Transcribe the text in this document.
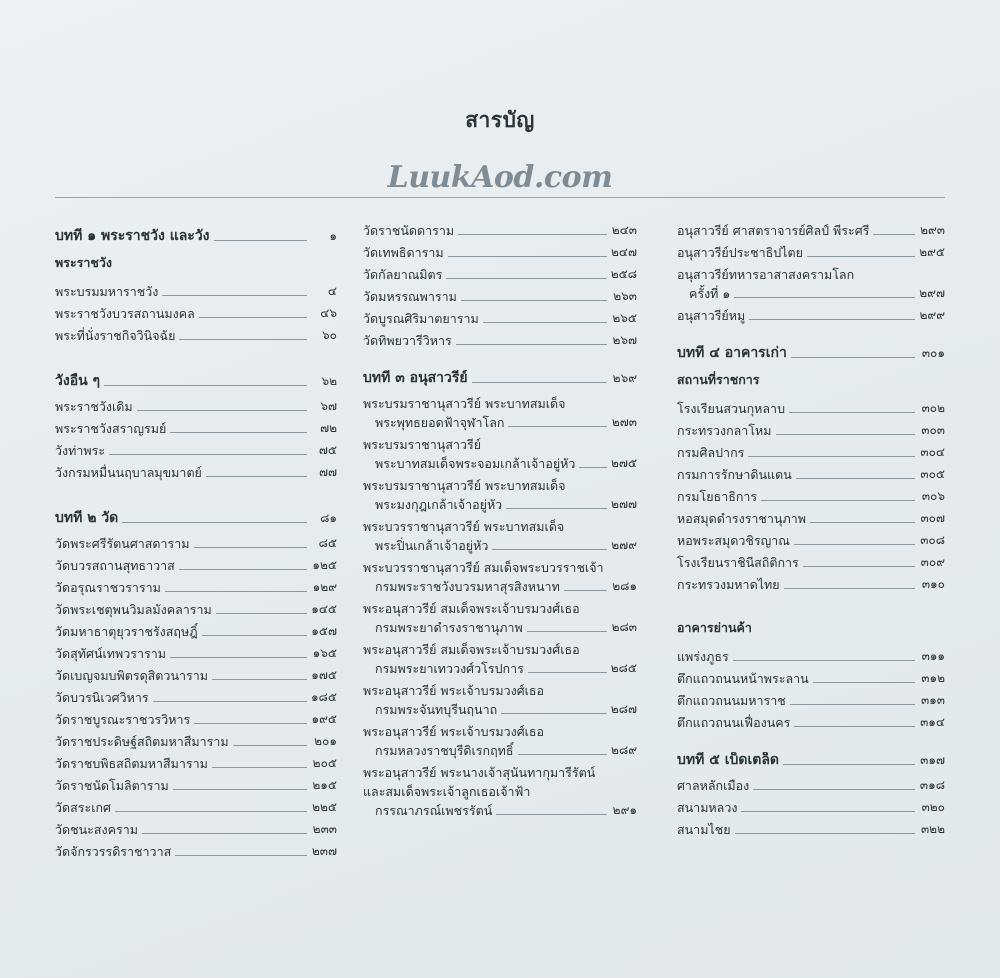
สารบัญ
LuukAod.com
บทที่ ๑ พระราชวัง และวัง	๑
พระราชวัง
พระบรมมหาราชวัง	๔
พระราชวังบวรสถานมงคล	๔๖
พระที่นั่งราชกิจวินิจฉัย	๖๐
วังอื่น ๆ	๖๒
พระราชวังเดิม	๖๗
พระราชวังสราญรมย์	๗๒
วังท่าพระ	๗๕
วังกรมหมื่นนฤบาลมุขมาตย์	๗๗
บทที่ ๒ วัด	๘๑
วัดพระศรีรัตนศาสดาราม	๘๕
วัดบวรสถานสุทธาวาส	๑๒๕
วัดอรุณราชวราราม	๑๒๙
วัดพระเชตุพนวิมลมังคลาราม	๑๔๕
วัดมหาธาตุยุวราชรังสฤษฎิ์	๑๕๗
วัดสุทัศน์เทพวราราม	๑๖๕
วัดเบญจมบพิตรดุสิตวนาราม	๑๗๕
วัดบวรนิเวศวิหาร	๑๘๕
วัดราชบูรณะราชวรวิหาร	๑๙๕
วัดราชประดิษฐ์สถิตมหาสีมาราม	๒๐๑
วัดราชบพิธสถิตมหาสีมาราม	๒๐๕
วัดราชนัดโมลิตาราม	๒๑๕
วัดสระเกศ	๒๒๕
วัดชนะสงคราม	๒๓๓
วัดจักรวรรดิราชาวาส	๒๓๗
วัดราชนัดดาราม	๒๔๓
วัดเทพธิดาราม	๒๔๗
วัดกัลยาณมิตร	๒๕๘
วัดมหรรณพาราม	๒๖๓
วัดบูรณศิริมาตยาราม	๒๖๕
วัดทิพยวารีวิหาร	๒๖๗
บทที่ ๓ อนุสาวรีย์	๒๖๙
พระบรมราชานุสาวรีย์ พระบาทสมเด็จ
พระพุทธยอดฟ้าจุฬาโลก	๒๗๓
พระบรมราชานุสาวรีย์
พระบาทสมเด็จพระจอมเกล้าเจ้าอยู่หัว	๒๗๕
พระบรมราชานุสาวรีย์ พระบาทสมเด็จ
พระมงกุฎเกล้าเจ้าอยู่หัว	๒๗๗
พระบวรราชานุสาวรีย์ พระบาทสมเด็จ
พระปิ่นเกล้าเจ้าอยู่หัว	๒๗๙
พระบวรราชานุสาวรีย์ สมเด็จพระบวรราชเจ้า
กรมพระราชวังบวรมหาสุรสิงหนาท	๒๘๑
พระอนุสาวรีย์ สมเด็จพระเจ้าบรมวงศ์เธอ
กรมพระยาดำรงราชานุภาพ	๒๘๓
พระอนุสาวรีย์ สมเด็จพระเจ้าบรมวงศ์เธอ
กรมพระยาเทววงศ์วโรปการ	๒๘๕
พระอนุสาวรีย์ พระเจ้าบรมวงศ์เธอ
กรมพระจันทบุรีนฤนาถ	๒๘๗
พระอนุสาวรีย์ พระเจ้าบรมวงศ์เธอ
กรมหลวงราชบุรีดิเรกฤทธิ์	๒๘๙
พระอนุสาวรีย์ พระนางเจ้าสุนันทากุมารีรัตน์
และสมเด็จพระเจ้าลูกเธอเจ้าฟ้า
กรรณาภรณ์เพชรรัตน์	๒๙๑
อนุสาวรีย์ ศาสตราจารย์ศิลป์ พีระศรี	๒๙๓
อนุสาวรีย์ประชาธิปไตย	๒๙๕
อนุสาวรีย์ทหารอาสาสงครามโลก
ครั้งที่ ๑	๒๙๗
อนุสาวรีย์หมู	๒๙๙
บทที่ ๔ อาคารเก่า	๓๐๑
สถานที่ราชการ
โรงเรียนสวนกุหลาบ	๓๐๒
กระทรวงกลาโหม	๓๐๓
กรมศิลปากร	๓๐๔
กรมการรักษาดินแดน	๓๐๕
กรมโยธาธิการ	๓๐๖
หอสมุดดำรงราชานุภาพ	๓๐๗
หอพระสมุดวชิรญาณ	๓๐๘
โรงเรียนราชินีสถิติการ	๓๐๙
กระทรวงมหาดไทย	๓๑๐
อาคารย่านค้า
แพร่งภูธร	๓๑๑
ตึกแถวถนนหน้าพระลาน	๓๑๒
ตึกแถวถนนมหาราช	๓๑๓
ตึกแถวถนนเฟื่องนคร	๓๑๔
บทที่ ๕ เบ็ดเตล็ด	๓๑๗
ศาลหลักเมือง	๓๑๘
สนามหลวง	๓๒๐
สนามไชย	๓๒๒
